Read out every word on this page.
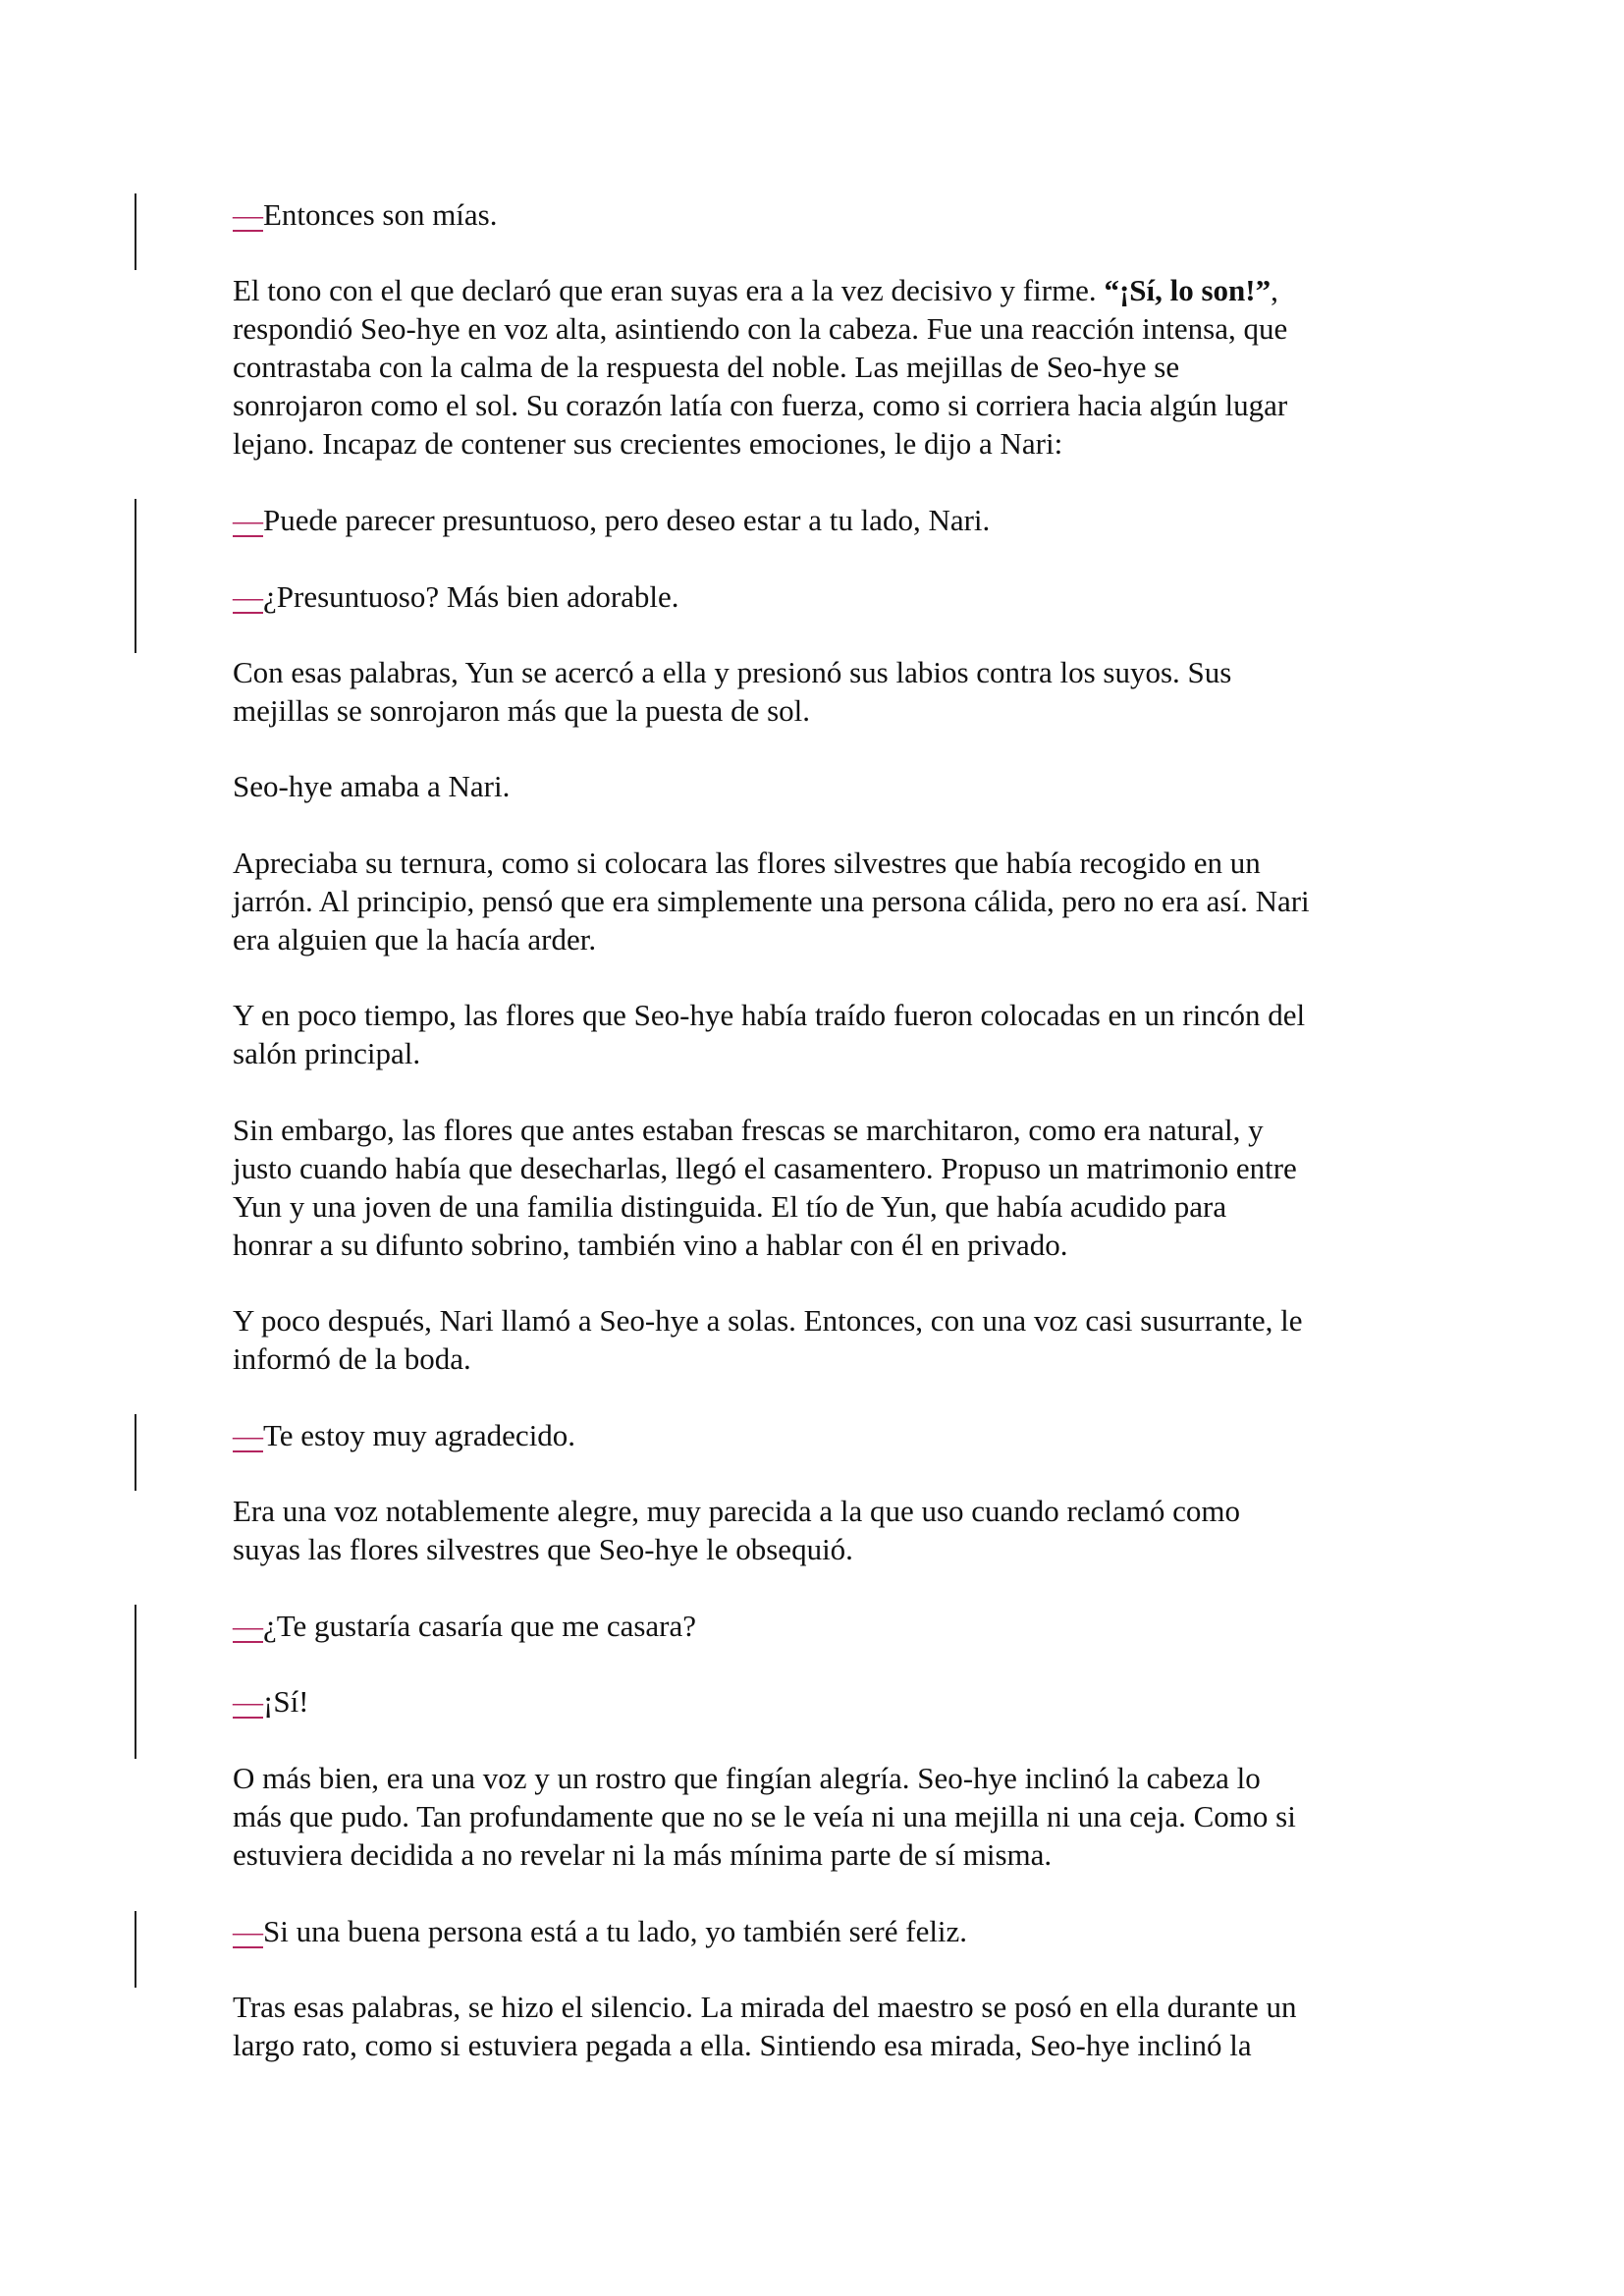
—Entonces son mías.

El tono con el que declaró que eran suyas era a la vez decisivo y firme. “¡Sí, lo son!”,
respondió Seo-hye en voz alta, asintiendo con la cabeza. Fue una reacción intensa, que
contrastaba con la calma de la respuesta del noble. Las mejillas de Seo-hye se
sonrojaron como el sol. Su corazón latía con fuerza, como si corriera hacia algún lugar
lejano. Incapaz de contener sus crecientes emociones, le dijo a Nari:

—Puede parecer presuntuoso, pero deseo estar a tu lado, Nari.

—¿Presuntuoso? Más bien adorable.

Con esas palabras, Yun se acercó a ella y presionó sus labios contra los suyos. Sus
mejillas se sonrojaron más que la puesta de sol.
Seo-hye amaba a Nari.
Apreciaba su ternura, como si colocara las flores silvestres que había recogido en un
jarrón. Al principio, pensó que era simplemente una persona cálida, pero no era así. Nari
era alguien que la hacía arder.
Y en poco tiempo, las flores que Seo-hye había traído fueron colocadas en un rincón del
salón principal.
Sin embargo, las flores que antes estaban frescas se marchitaron, como era natural, y
justo cuando había que desecharlas, llegó el casamentero. Propuso un matrimonio entre
Yun y una joven de una familia distinguida. El tío de Yun, que había acudido para
honrar a su difunto sobrino, también vino a hablar con él en privado.
Y poco después, Nari llamó a Seo-hye a solas. Entonces, con una voz casi susurrante, le
informó de la boda.

—Te estoy muy agradecido.

Era una voz notablemente alegre, muy parecida a la que uso cuando reclamó como
suyas las flores silvestres que Seo-hye le obsequió.

—¿Te gustaría casaría que me casara?

—¡Sí!

O más bien, era una voz y un rostro que fingían alegría. Seo-hye inclinó la cabeza lo
más que pudo. Tan profundamente que no se le veía ni una mejilla ni una ceja. Como si
estuviera decidida a no revelar ni la más mínima parte de sí misma.

—Si una buena persona está a tu lado, yo también seré feliz.

Tras esas palabras, se hizo el silencio. La mirada del maestro se posó en ella durante un
largo rato, como si estuviera pegada a ella. Sintiendo esa mirada, Seo-hye inclinó la
